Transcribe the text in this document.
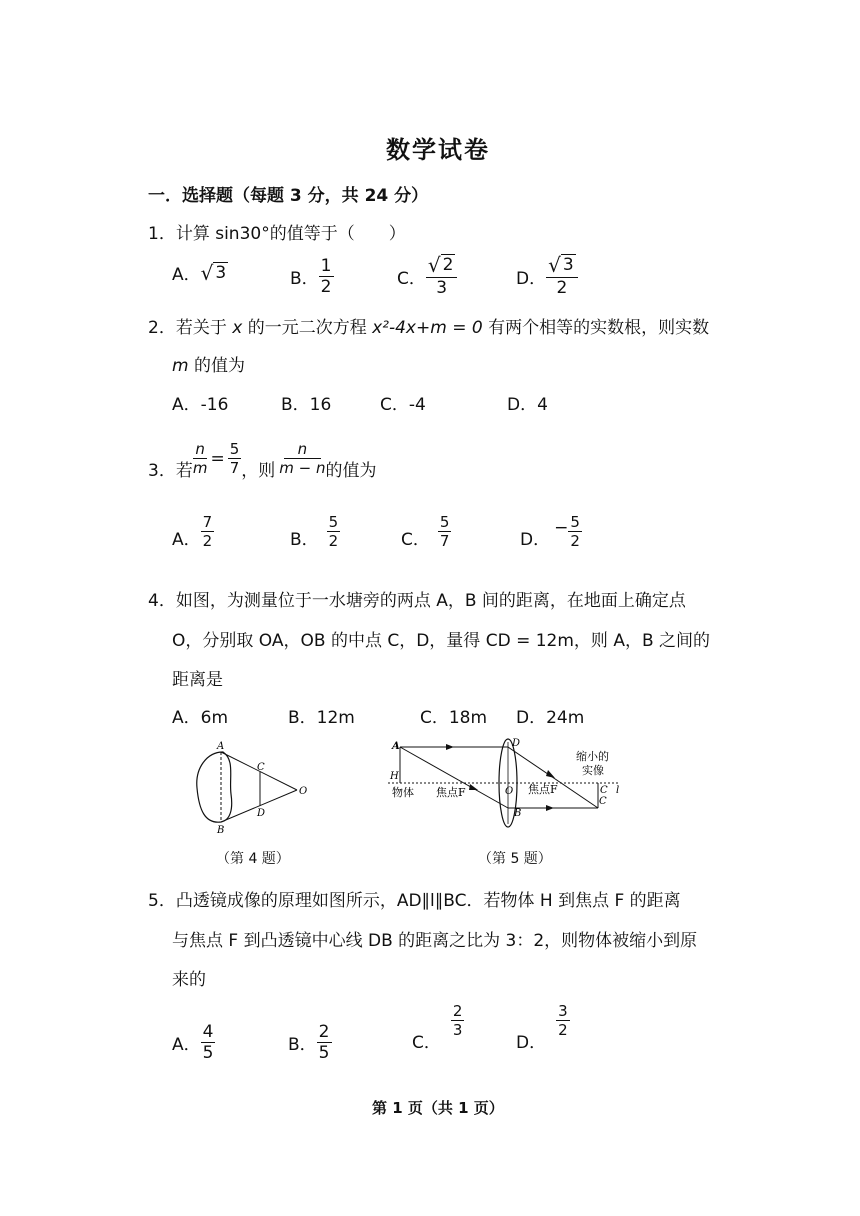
数学试卷
一．选择题（每题 3 分，共 24 分）
1．计算 sin30°的值等于（　　）
A． √ 3	B． $\frac{1}{2}$	C． $\frac{√ 2}{3}$	D． $\frac{√ 3}{2}$
2．若关于 x 的一元二次方程 x²-4x+m = 0 有两个相等的实数根，则实数
m 的值为
A．-16	B．16	C．-4	D．4
3．若 $\frac{n}{m} = \frac{5}{7}$ ，则 $\frac{n}{m - n}$ 的值为
A． $\frac{7}{2}$	B． $\frac{5}{2}$	C． $\frac{5}{7}$	D．
− $\frac{5}{2}$
4．如图，为测量位于一水塘旁的两点 A，B 间的距离，在地面上确定点
O，分别取 OA，OB 的中点 C，D，量得 CD = 12m，则 A，B 之间的
距离是
A．6m	B．12m	C．18m D．24m
A
B
C
D
O
（第 4 题）
A
H
D
O
B
C
C
l
物体 焦点F	焦点F
缩小的
实像
（第 5 题）
5．凸透镜成像的原理如图所示，AD∥l∥BC．若物体 H 到焦点 F 的距离
与焦点 F 到凸透镜中心线 DB 的距离之比为 3：2，则物体被缩小到原
来的
A． $\frac{4}{5}$	B． $\frac{2}{5}$	C．
$\frac{2}{3}$
D．
$\frac{3}{2}$
第 1 页（共 1 页）
